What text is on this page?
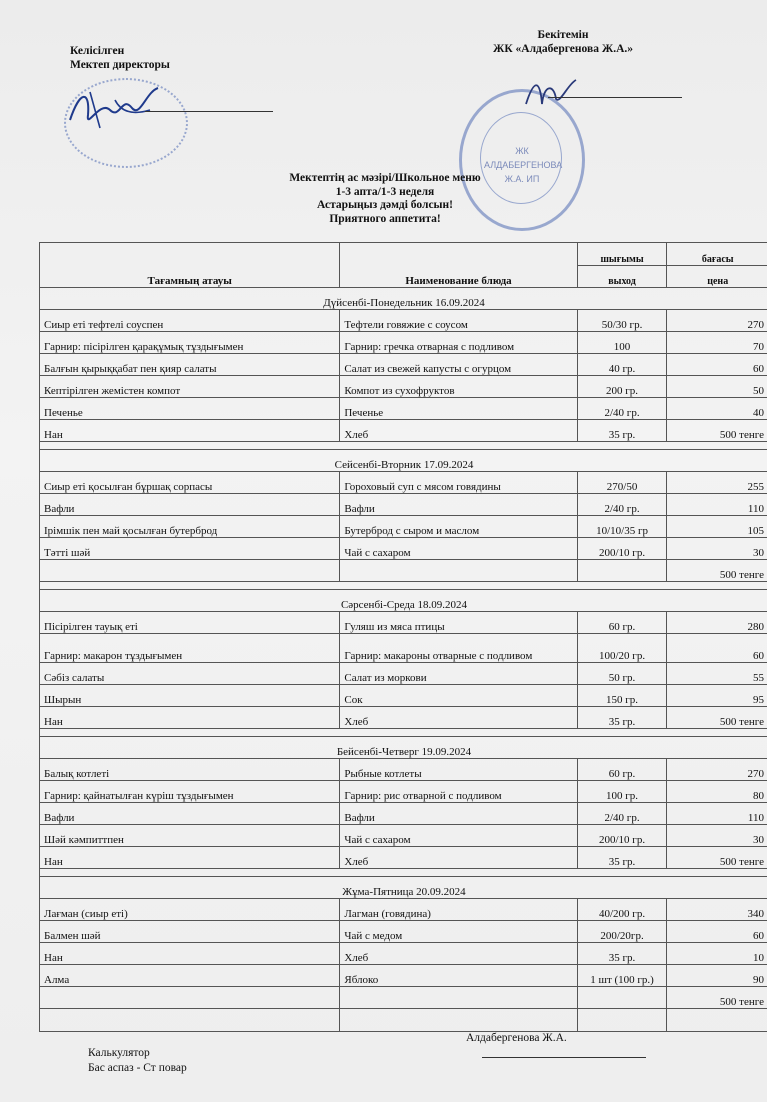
Келісілген
Мектеп директоры
Бекітемін
ЖК «Алдабергенова Ж.А.»
ЖК АЛДАБЕРГЕНОВА Ж.А. ИП
Мектептің ас мәзірі/Школьное меню
1-3 апта/1-3 неделя
Астарыңыз дәмді болсын!
Приятного аппетита!
Тағамның атауы	Наименование блюда	шығымы	бағасы
		выход	цена
Дүйсенбі-Понедельник 16.09.2024			
Сиыр еті тефтелі соуспен	Тефтели говяжие с соусом	50/30 гр.	270
Гарнир: пісірілген қарақұмық тұздығымен	Гарнир: гречка отварная с подливом	100	70
Балғын қырыққабат пен қияр салаты	Салат из свежей капусты с огурцом	40 гр.	60
Кептірілген жемістен компот	Компот из сухофруктов	200 гр.	50
Печенье	Печенье	2/40 гр.	40
Нан	Хлеб	35 гр.	500 тенге

Сейсенбі-Вторник 17.09.2024			
Сиыр еті қосылған бұршақ сорпасы	Гороховый суп с мясом говядины	270/50	255
Вафли	Вафли	2/40 гр.	110
Ірімшік пен май қосылған бутерброд	Бутерброд с сыром и маслом	10/10/35 гр	105
Тәтті шәй	Чай с сахаром	200/10 гр.	30
			500 тенге

Сәрсенбі-Среда 18.09.2024			
Пісірілген тауық еті	Гуляш из мяса птицы	60 гр.	280
Гарнир: макарон тұздығымен	Гарнир: макароны отварные с подливом	100/20 гр.	60
Сәбіз салаты	Салат из моркови	50 гр.	55
Шырын	Сок	150 гр.	95
Нан	Хлеб	35 гр.	500 тенге

Бейсенбі-Четверг 19.09.2024			
Балық котлеті	Рыбные котлеты	60 гр.	270
Гарнир: қайнатылған күріш тұздығымен	Гарнир: рис отварной с подливом	100 гр.	80
Вафли	Вафли	2/40 гр.	110
Шәй кәмпиттпен	Чай с сахаром	200/10 гр.	30
Нан	Хлеб	35 гр.	500 тенге

Жұма-Пятница 20.09.2024			
Лағман (сиыр еті)	Лагман (говядина)	40/200 гр.	340
Балмен шәй	Чай с медом	200/20гр.	60
Нан	Хлеб	35 гр.	10
Алма	Яблоко	1 шт (100 гр.)	90
			500 тенге

Калькулятор
Бас аспаз - Ст повар
Алдабергенова Ж.А.
